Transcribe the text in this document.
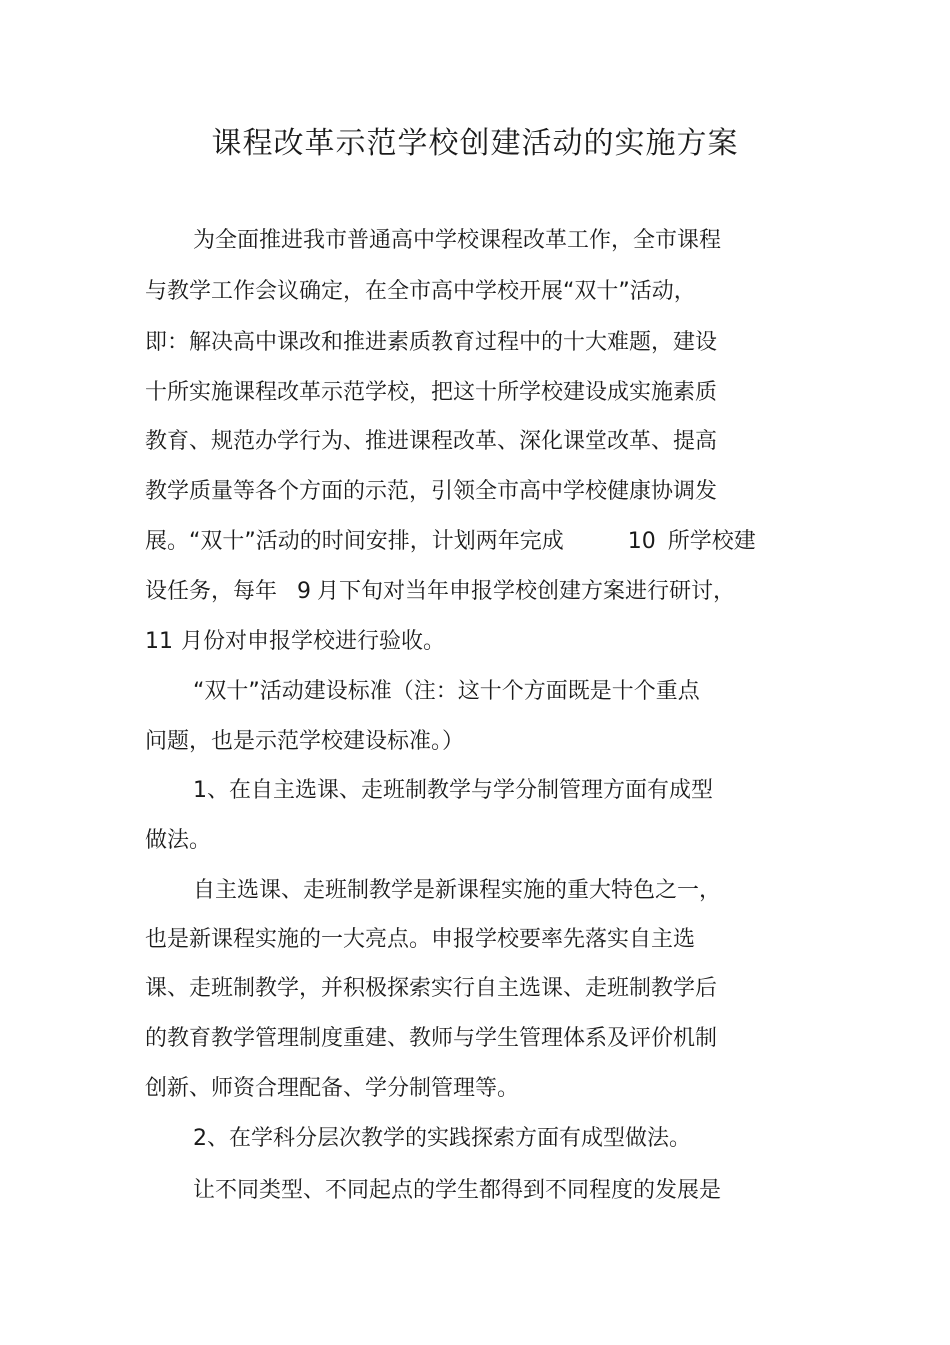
课程改革示范学校创建活动的实施方案
为全面推进我市普通高中学校课程改革工作，全市课程
与教学工作会议确定，在全市高中学校开展“双十”活动，
即：解决高中课改和推进素质教育过程中的十大难题，建设
十所实施课程改革示范学校，把这十所学校建设成实施素质
教育、规范办学行为、推进课程改革、深化课堂改革、提高
教学质量等各个方面的示范，引领全市高中学校健康协调发
展。“双十”活动的时间安排，计划两年完成	10 所学校建
设任务，每年 9 月下旬对当年申报学校创建方案进行研讨，
11 月份对申报学校进行验收。
“双十”活动建设标准（注：这十个方面既是十个重点
问题，也是示范学校建设标准。）
1、在自主选课、走班制教学与学分制管理方面有成型
做法。
自主选课、走班制教学是新课程实施的重大特色之一，
也是新课程实施的一大亮点。申报学校要率先落实自主选
课、走班制教学，并积极探索实行自主选课、走班制教学后
的教育教学管理制度重建、教师与学生管理体系及评价机制
创新、师资合理配备、学分制管理等。
2、在学科分层次教学的实践探索方面有成型做法。
让不同类型、不同起点的学生都得到不同程度的发展是
